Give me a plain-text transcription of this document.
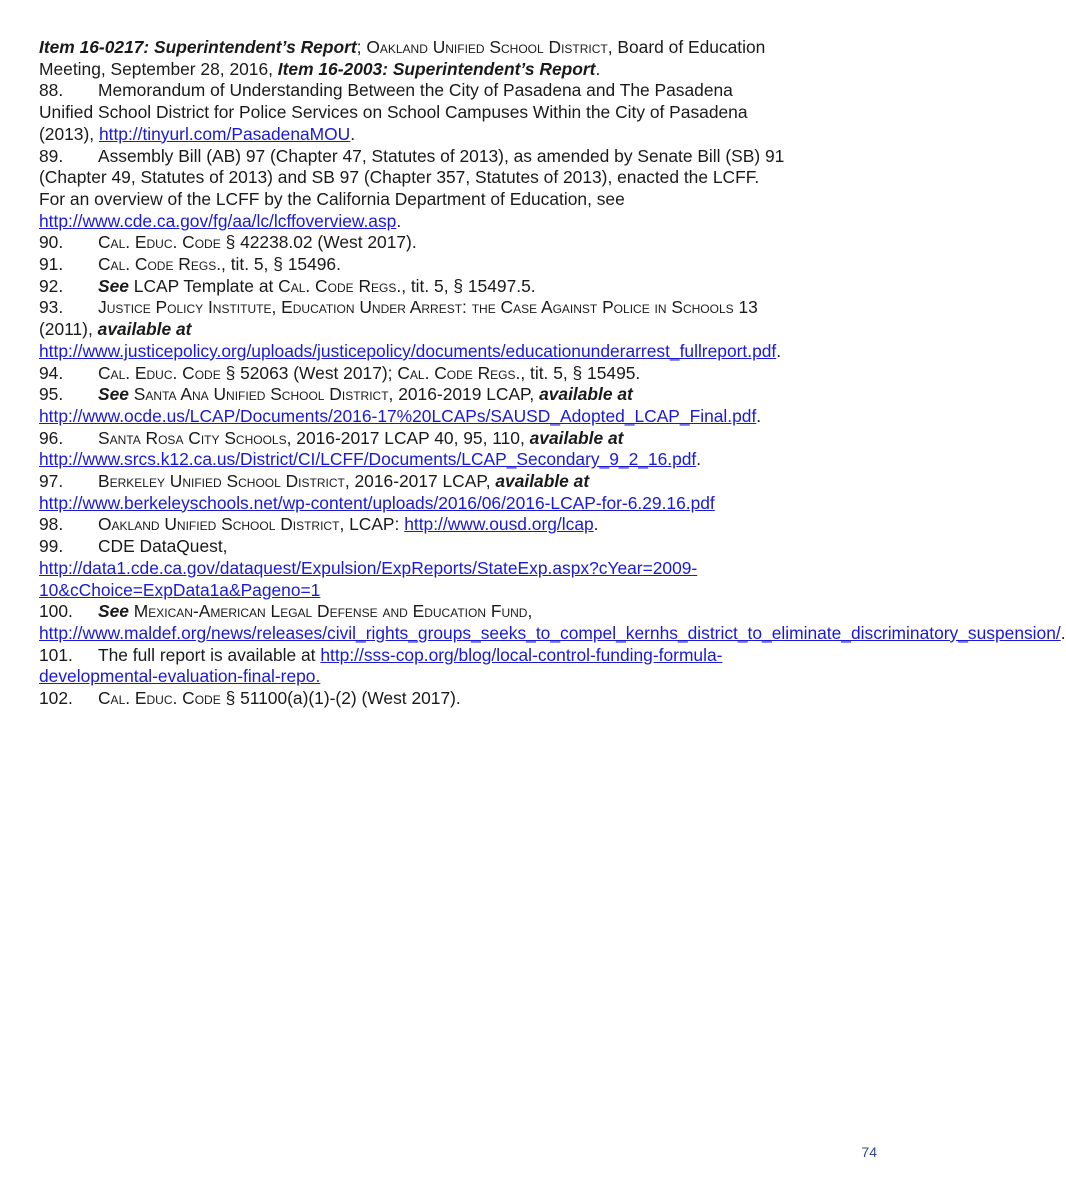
Item 16-0217: Superintendent’s Report; Oakland Unified School District, Board of Education Meeting, September 28, 2016, Item 16-2003: Superintendent’s Report.

88. Memorandum of Understanding Between the City of Pasadena and The Pasadena Unified School District for Police Services on School Campuses Within the City of Pasadena (2013), http://tinyurl.com/PasadenaMOU.

89. Assembly Bill (AB) 97 (Chapter 47, Statutes of 2013), as amended by Senate Bill (SB) 91 (Chapter 49, Statutes of 2013) and SB 97 (Chapter 357, Statutes of 2013), enacted the LCFF. For an overview of the LCFF by the California Department of Education, see http://www.cde.ca.gov/fg/aa/lc/lcffoverview.asp.

90. Cal. Educ. Code § 42238.02 (West 2017).

91. Cal. Code Regs., tit. 5, § 15496.

92. See LCAP Template at Cal. Code Regs., tit. 5, § 15497.5.

93. Justice Policy Institute, Education Under Arrest: the Case Against Police in Schools 13 (2011), available at http://www.justicepolicy.org/uploads/justicepolicy/documents/educationunderarrest_fullreport.pdf.

94. Cal. Educ. Code § 52063 (West 2017); Cal. Code Regs., tit. 5, § 15495.

95. See Santa Ana Unified School District, 2016-2019 LCAP, available at http://www.ocde.us/LCAP/Documents/2016-17%20LCAPs/SAUSD_Adopted_LCAP_Final.pdf.

96. Santa Rosa City Schools, 2016-2017 LCAP 40, 95, 110, available at http://www.srcs.k12.ca.us/District/CI/LCFF/Documents/LCAP_Secondary_9_2_16.pdf.

97. Berkeley Unified School District, 2016-2017 LCAP, available at http://www.berkeleyschools.net/wp-content/uploads/2016/06/2016-LCAP-for-6.29.16.pdf

98. Oakland Unified School District, LCAP: http://www.ousd.org/lcap.

99. CDE DataQuest, http://data1.cde.ca.gov/dataquest/Expulsion/ExpReports/StateExp.aspx?cYear=2009-10&cChoice=ExpData1a&Pageno=1

100. See Mexican-American Legal Defense and Education Fund, http://www.maldef.org/news/releases/civil_rights_groups_seeks_to_compel_kernhs_district_to_eliminate_discriminatory_suspension/.

101. The full report is available at http://sss-cop.org/blog/local-control-funding-formula-developmental-evaluation-final-repo.

102. Cal. Educ. Code § 51100(a)(1)-(2) (West 2017).

74
